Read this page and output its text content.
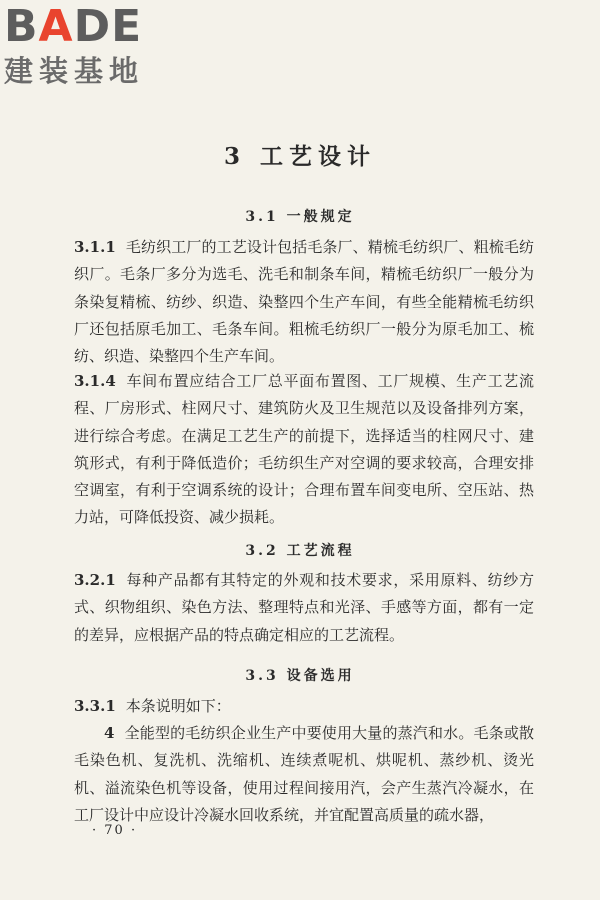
BADE
建装基地
3 工艺设计
3.1 一般规定
3.1.1 毛纺织工厂的工艺设计包括毛条厂、精梳毛纺织厂、粗梳毛纺织厂。毛条厂多分为选毛、洗毛和制条车间，精梳毛纺织厂一般分为条染复精梳、纺纱、织造、染整四个生产车间，有些全能精梳毛纺织厂还包括原毛加工、毛条车间。粗梳毛纺织厂一般分为原毛加工、梳纺、织造、染整四个生产车间。
3.1.4 车间布置应结合工厂总平面布置图、工厂规模、生产工艺流程、厂房形式、柱网尺寸、建筑防火及卫生规范以及设备排列方案，进行综合考虑。在满足工艺生产的前提下，选择适当的柱网尺寸、建筑形式，有利于降低造价；毛纺织生产对空调的要求较高，合理安排空调室，有利于空调系统的设计；合理布置车间变电所、空压站、热力站，可降低投资、减少损耗。
3.2 工艺流程
3.2.1 每种产品都有其特定的外观和技术要求，采用原料、纺纱方式、织物组织、染色方法、整理特点和光泽、手感等方面，都有一定的差异，应根据产品的特点确定相应的工艺流程。
3.3 设备选用
3.3.1 本条说明如下：
4 全能型的毛纺织企业生产中要使用大量的蒸汽和水。毛条或散毛染色机、复洗机、洗缩机、连续煮呢机、烘呢机、蒸纱机、烫光机、溢流染色机等设备，使用过程间接用汽，会产生蒸汽冷凝水，在工厂设计中应设计冷凝水回收系统，并宜配置高质量的疏水器，
· 70 ·
